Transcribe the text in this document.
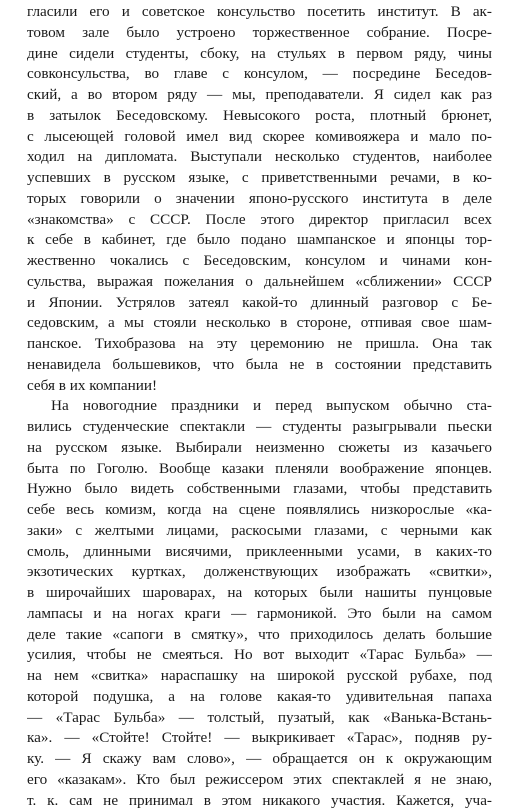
гласили его и советское консульство посетить институт. В ак-
товом зале было устроено торжественное собрание. Посре-
дине сидели студенты, сбоку, на стульях в первом ряду, чины
совконсульства, во главе с консулом, — посредине Беседов-
ский, а во втором ряду — мы, преподаватели. Я сидел как раз
в затылок Беседовскому. Невысокого роста, плотный брюнет,
с лысеющей головой имел вид скорее комивояжера и мало по-
ходил на дипломата. Выступали несколько студентов, наиболее
успевших в русском языке, с приветственными речами, в ко-
торых говорили о значении японо-русского института в деле
«знакомства» с СССР. После этого директор пригласил всех
к себе в кабинет, где было подано шампанское и японцы тор-
жественно чокались с Беседовским, консулом и чинами кон-
сульства, выражая пожелания о дальнейшем «сближении» СССР
и Японии. Устрялов затеял какой-то длинный разговор с Бе-
седовским, а мы стояли несколько в стороне, отпивая свое шам-
панское. Тихобразова на эту церемонию не пришла. Она так
ненавидела большевиков, что была не в состоянии представить
себя в их компании!
На новогодние праздники и перед выпуском обычно ста-
вились студенческие спектакли — студенты разыгрывали пьески
на русском языке. Выбирали неизменно сюжеты из казачьего
быта по Гоголю. Вообще казаки пленяли воображение японцев.
Нужно было видеть собственными глазами, чтобы представить
себе весь комизм, когда на сцене появлялись низкорослые «ка-
заки» с желтыми лицами, раскосыми глазами, с черными как
смоль, длинными висячими, приклеенными усами, в каких-то
экзотических куртках, долженствующих изображать «свитки»,
в широчайших шароварах, на которых были нашиты пунцовые
лампасы и на ногах краги — гармоникой. Это были на самом
деле такие «сапоги в смятку», что приходилось делать большие
усилия, чтобы не смеяться. Но вот выходит «Тарас Бульба» —
на нем «свитка» нараспашку на широкой русской рубахе, под
которой подушка, а на голове какая-то удивительная папаха
— «Тарас Бульба» — толстый, пузатый, как «Ванька-Встань-
ка». — «Стойте! Стойте! — выкрикивает «Тарас», подняв ру-
ку. — Я скажу вам слово», — обращается он к окружающим
его «казакам». Кто был режиссером этих спектаклей я не знаю,
т. к. сам не принимал в этом никакого участия. Кажется, уча-
